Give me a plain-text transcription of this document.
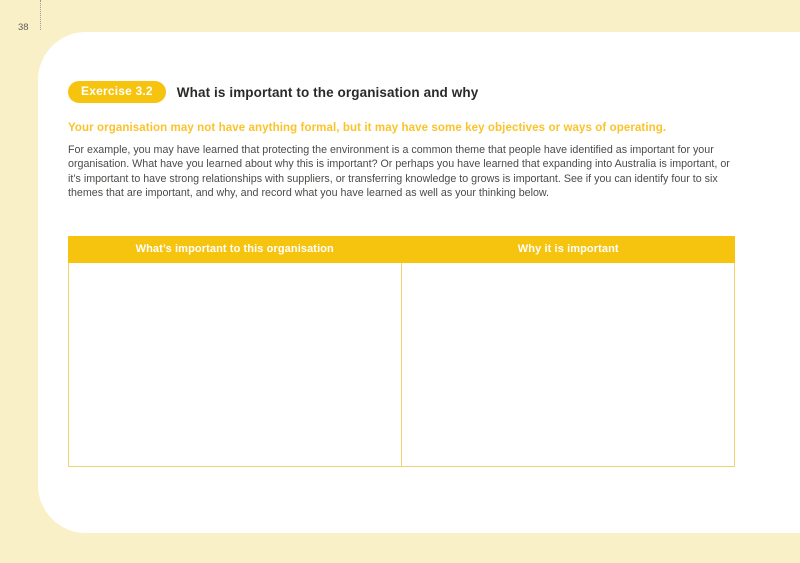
38
Exercise 3.2	What is important to the organisation and why
Your organisation may not have anything formal, but it may have some key objectives or ways of operating.
For example, you may have learned that protecting the environment is a common theme that people have identified as important for your organisation. What have you learned about why this is important? Or perhaps you have learned that expanding into Australia is important, or it’s important to have strong relationships with suppliers, or transferring knowledge to grows is important. See if you can identify four to six themes that are important, and why, and record what you have learned as well as your thinking below.
What’s important to this organisation	Why it is important
